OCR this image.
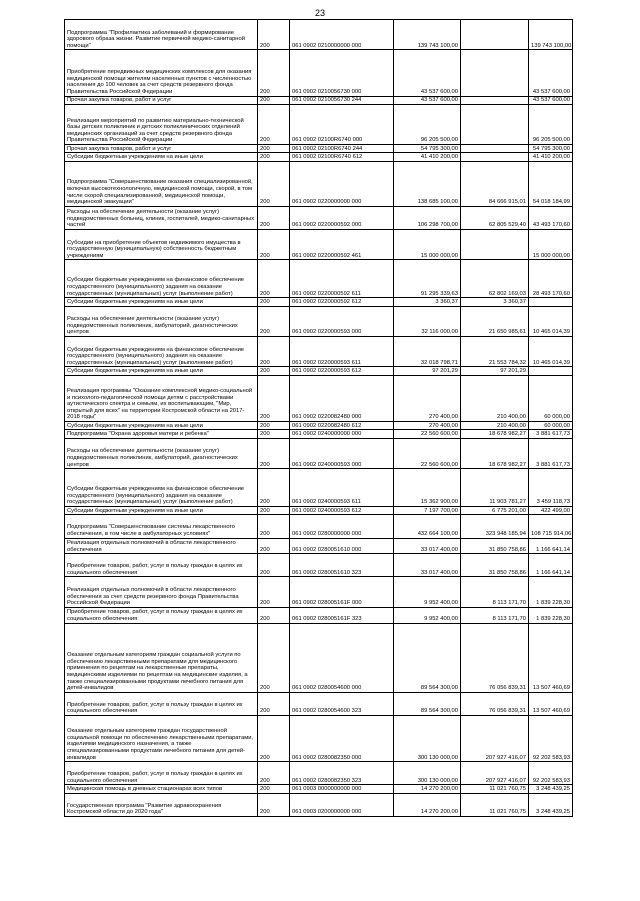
23
Подпрограмма "Профилактика заболеваний и формирование здорового образа жизни. Развитие первичной медико-санитарной помощи"	200	061 0902 0210000000 000	139 743 100,00		139 743 100,00
Приобретение передвижных медицинских комплексов для оказания медицинской помощи жителям населенных пунктов с численностью населения до 100 человек за счет средств резервного фонда Правительства Российской Федерации	200	061 0902 0210056730 000	43 537 600,00		43 537 600,00
Прочая закупка товаров, работ и услуг	200	061 0902 0210056730 244	43 537 600,00		43 537 600,00
Реализация мероприятий по развитию материально-технической базы детских поликлиник и детских поликлинических отделений медицинских организаций за счет средств резервного фонда Правительства Российской Федерации	200	061 0902 02100R6740 000	96 205 500,00		96 205 500,00
Прочая закупка товаров, работ и услуг	200	061 0902 02100R6740 244	54 795 300,00		54 795 300,00
Субсидии бюджетным учреждениям на иные цели	200	061 0902 02100R6740 612	41 410 200,00		41 410 200,00
Подпрограмма "Совершенствование оказания специализированной, включая высокотехнологичную, медицинской помощи, скорой, в том числе скорой специализированной, медицинской помощи, медицинской эвакуации"	200	061 0902 0220000000 000	138 685 100,00	84 666 915,01	54 018 184,99
Расходы на обеспечение деятельности (оказание услуг) подведомственных больниц, клиник, госпиталей, медико-санитарных частей	200	061 0902 0220000592 000	106 298 700,00	62 805 529,40	43 493 170,60
Субсидии на приобретение объектов недвижимого имущества в государственную (муниципальную) собственность бюджетным учреждениям	200	061 0902 0220000592 461	15 000 000,00		15 000 000,00
Субсидии бюджетным учреждениям на финансовое обеспечение государственного (муниципального) задания на оказание государственных (муниципальных) услуг (выполнение работ)	200	061 0902 0220000592 611	91 295 339,63	62 802 169,03	28 493 170,60
Субсидии бюджетным учреждениям на иные цели	200	061 0902 0220000592 612	3 360,37	3 360,37	
Расходы на обеспечение деятельности (оказание услуг) подведомственных поликлиник, амбулаторий, диагностических центров	200	061 0902 0220000593 000	32 116 000,00	21 650 985,61	10 465 014,39
Субсидии бюджетным учреждениям на финансовое обеспечение государственного (муниципального) задания на оказание государственных (муниципальных) услуг (выполнение работ)	200	061 0902 0220000593 611	32 018 798,71	21 553 784,32	10 465 014,39
Субсидии бюджетным учреждениям на иные цели	200	061 0902 0220000593 612	97 201,29	97 201,29	
Реализация программы "Оказание комплексной медико-социальной и психолого-педагогической помощи детям с расстройствами аутистического спектра и семьям, их воспитывающим, "Мир, открытый для всех" на территории Костромской области на 2017-2018 годы"	200	061 0902 0220082480 000	270 400,00	210 400,00	60 000,00
Субсидии бюджетным учреждениям на иные цели	200	061 0902 0220082480 612	270 400,00	210 400,00	60 000,00
Подпрограмма "Охрана здоровья матери и ребенка"	200	061 0902 0240000000 000	22 560 600,00	18 678 982,27	3 881 617,73
Расходы на обеспечение деятельности (оказание услуг) подведомственных поликлиник, амбулаторий, диагностических центров	200	061 0902 0240000593 000	22 560 600,00	18 678 982,27	3 881 617,73
Субсидии бюджетным учреждениям на финансовое обеспечение государственного (муниципального) задания на оказание государственных (муниципальных) услуг (выполнение работ)	200	061 0902 0240000593 611	15 362 900,00	11 903 781,27	3 459 118,73
Субсидии бюджетным учреждениям на иные цели	200	061 0902 0240000593 612	7 197 700,00	6 775 201,00	422 499,00
Подпрограмма "Совершенствование системы лекарственного обеспечения, в том числе в амбулаторных условиях"	200	061 0902 0280000000 000	432 664 100,00	323 948 185,94	108 715 914,06
Реализация отдельных полномочий в области лекарственного обеспечения	200	061 0902 0280051610 000	33 017 400,00	31 850 758,86	1 166 641,14
Приобретение товаров, работ, услуг в пользу граждан в целях их социального обеспечения	200	061 0902 0280051610 323	33 017 400,00	31 850 758,86	1 166 641,14
Реализация отдельных полномочий в области лекарственного обеспечения за счет средств резервного фонда Правительства Российской Федерации	200	061 0902 028005161F 000	9 952 400,00	8 113 171,70	1 839 228,30
Приобретение товаров, работ, услуг в пользу граждан в целях их социального обеспечения	200	061 0902 028005161F 323	9 952 400,00	8 113 171,70	1 839 228,30
Оказание отдельным категориям граждан социальной услуги по обеспечению лекарственными препаратами для медицинского применения по рецептам на лекарственные препараты, медицинскими изделиями по рецептам на медицинские изделия, а также специализированными продуктами лечебного питания для детей-инвалидов	200	061 0902 0280054600 000	89 564 300,00	76 056 839,31	13 507 460,69
Приобретение товаров, работ, услуг в пользу граждан в целях их социального обеспечения	200	061 0902 0280054600 323	89 564 300,00	76 056 839,31	13 507 460,69
Оказание отдельным категориям граждан государственной социальной помощи по обеспечению лекарственными препаратами, изделиями медицинского назначения, а также специализированными продуктами лечебного питания для детей-инвалидов	200	061 0902 0280082350 000	300 130 000,00	207 927 416,07	92 202 583,93
Приобретение товаров, работ, услуг в пользу граждан в целях их социального обеспечения	200	061 0902 0280082350 323	300 130 000,00	207 927 416,07	92 202 583,93
Медицинская помощь в дневных стационарах всех типов	200	061 0903 0000000000 000	14 270 200,00	11 021 760,75	3 248 439,25
Государственная программа "Развитие здравоохранения Костромской области до 2020 года"	200	061 0903 0200000000 000	14 270 200,00	11 021 760,75	3 248 439,25
